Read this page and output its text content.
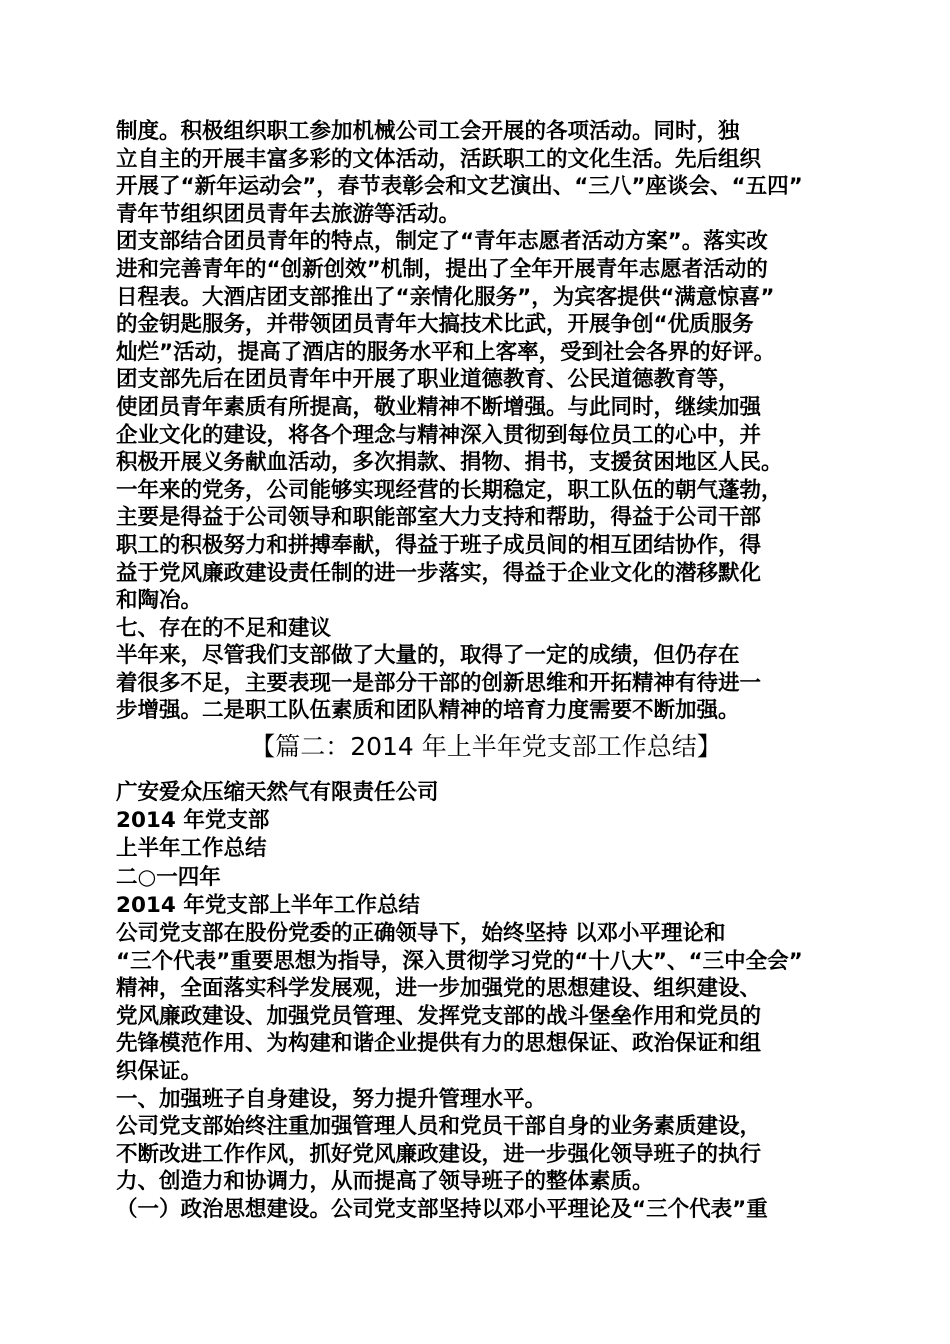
制度。积极组织职工参加机械公司工会开展的各项活动。同时，独
立自主的开展丰富多彩的文体活动，活跃职工的文化生活。先后组织
开展了“新年运动会”，春节表彰会和文艺演出、“三八”座谈会、“五四”
青年节组织团员青年去旅游等活动。
团支部结合团员青年的特点，制定了“青年志愿者活动方案”。落实改
进和完善青年的“创新创效”机制，提出了全年开展青年志愿者活动的
日程表。大酒店团支部推出了“亲情化服务”，为宾客提供“满意惊喜”
的金钥匙服务，并带领团员青年大搞技术比武，开展争创“优质服务
灿烂”活动，提高了酒店的服务水平和上客率，受到社会各界的好评。
团支部先后在团员青年中开展了职业道德教育、公民道德教育等，
使团员青年素质有所提高，敬业精神不断增强。与此同时，继续加强
企业文化的建设，将各个理念与精神深入贯彻到每位员工的心中，并
积极开展义务献血活动，多次捐款、捐物、捐书，支援贫困地区人民。
一年来的党务，公司能够实现经营的长期稳定，职工队伍的朝气蓬勃，
主要是得益于公司领导和职能部室大力支持和帮助，得益于公司干部
职工的积极努力和拼搏奉献，得益于班子成员间的相互团结协作，得
益于党风廉政建设责任制的进一步落实，得益于企业文化的潜移默化
和陶冶。
七、存在的不足和建议
半年来，尽管我们支部做了大量的，取得了一定的成绩，但仍存在
着很多不足，主要表现一是部分干部的创新思维和开拓精神有待进一
步增强。二是职工队伍素质和团队精神的培育力度需要不断加强。
【篇二：2014 年上半年党支部工作总结】
广安爱众压缩天然气有限责任公司
2014 年党支部
上半年工作总结
二○一四年
2014 年党支部上半年工作总结
公司党支部在股份党委的正确领导下，始终坚持 以邓小平理论和
“三个代表”重要思想为指导，深入贯彻学习党的“十八大”、“三中全会”
精神，全面落实科学发展观，进一步加强党的思想建设、组织建设、
党风廉政建设、加强党员管理、发挥党支部的战斗堡垒作用和党员的
先锋模范作用、为构建和谐企业提供有力的思想保证、政治保证和组
织保证。
一、加强班子自身建设，努力提升管理水平。
公司党支部始终注重加强管理人员和党员干部自身的业务素质建设，
不断改进工作作风，抓好党风廉政建设，进一步强化领导班子的执行
力、创造力和协调力，从而提高了领导班子的整体素质。
（一）政治思想建设。公司党支部坚持以邓小平理论及“三个代表”重
